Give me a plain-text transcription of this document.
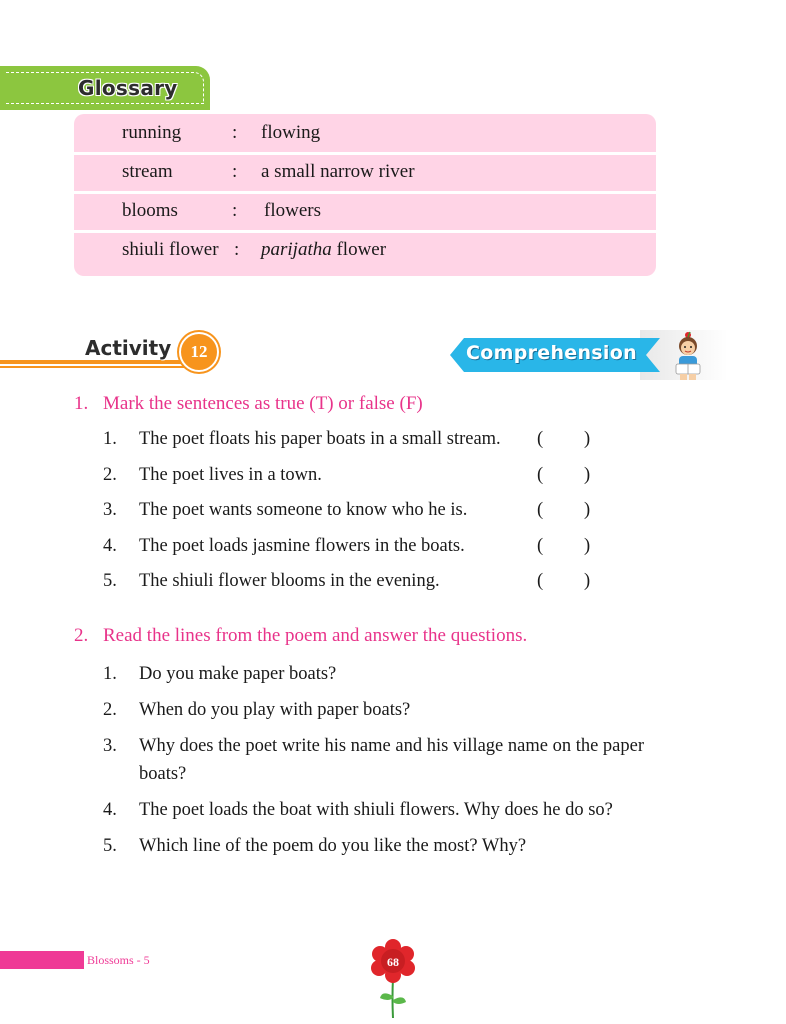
Glossary
running	: flowing
stream	: a small narrow river
blooms	: flowers
shiuli flower : parijatha flower
Activity	12	Comprehension
1. Mark the sentences as true (T) or false (F)
1. The poet floats his paper boats in a small stream. ( )
2. The poet lives in a town.	( )
3. The poet wants someone to know who he is.	( )
4. The poet loads jasmine flowers in the boats.	( )
5. The shiuli flower blooms in the evening.	( )
2. Read the lines from the poem and answer the questions.
1. Do you make paper boats?
2. When do you play with paper boats?
3. Why does the poet write his name and his village name on the paper
boats?
4. The poet loads the boat with shiuli flowers. Why does he do so?
5. Which line of the poem do you like the most? Why?
Blossoms - 5	68
